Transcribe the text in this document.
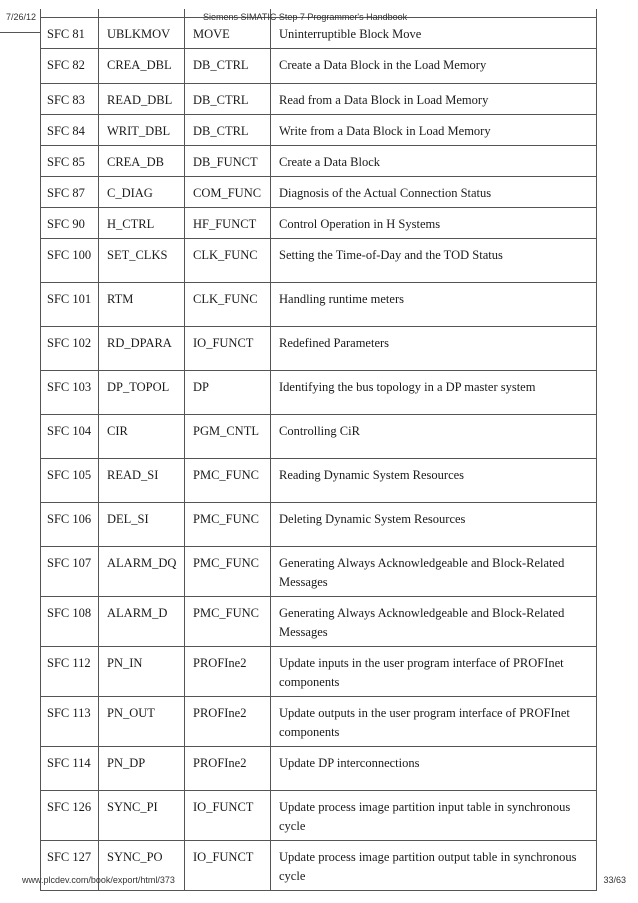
SFC 81	UBLKMOV	MOVE	Uninterruptible Block Move
SFC 82	CREA_DBL	DB_CTRL	Create a Data Block in the Load Memory
SFC 83	READ_DBL	DB_CTRL	Read from a Data Block in Load Memory
SFC 84	WRIT_DBL	DB_CTRL	Write from a Data Block in Load Memory
SFC 85	CREA_DB	DB_FUNCT	Create a Data Block
SFC 87	C_DIAG	COM_FUNC	Diagnosis of the Actual Connection Status
SFC 90	H_CTRL	HF_FUNCT	Control Operation in H Systems
SFC 100	SET_CLKS	CLK_FUNC	Setting the Time-of-Day and the TOD Status
SFC 101	RTM	CLK_FUNC	Handling runtime meters
SFC 102	RD_DPARA	IO_FUNCT	Redefined Parameters
SFC 103	DP_TOPOL	DP	Identifying the bus topology in a DP master system
SFC 104	CIR	PGM_CNTL	Controlling CiR
SFC 105	READ_SI	PMC_FUNC	Reading Dynamic System Resources
SFC 106	DEL_SI	PMC_FUNC	Deleting Dynamic System Resources
SFC 107	ALARM_DQ	PMC_FUNC	Generating Always Acknowledgeable and Block-Related Messages
SFC 108	ALARM_D	PMC_FUNC	Generating Always Acknowledgeable and Block-Related Messages
SFC 112	PN_IN	PROFIne2	Update inputs in the user program interface of PROFInet components
SFC 113	PN_OUT	PROFIne2	Update outputs in the user program interface of PROFInet components
SFC 114	PN_DP	PROFIne2	Update DP interconnections
SFC 126	SYNC_PI	IO_FUNCT	Update process image partition input table in synchronous cycle
SFC 127	SYNC_PO	IO_FUNCT	Update process image partition output table in synchronous cycle
7/26/12	Siemens SIMATIC Step 7 Programmer's Handbook
www.plcdev.com/book/export/html/373	33/63
